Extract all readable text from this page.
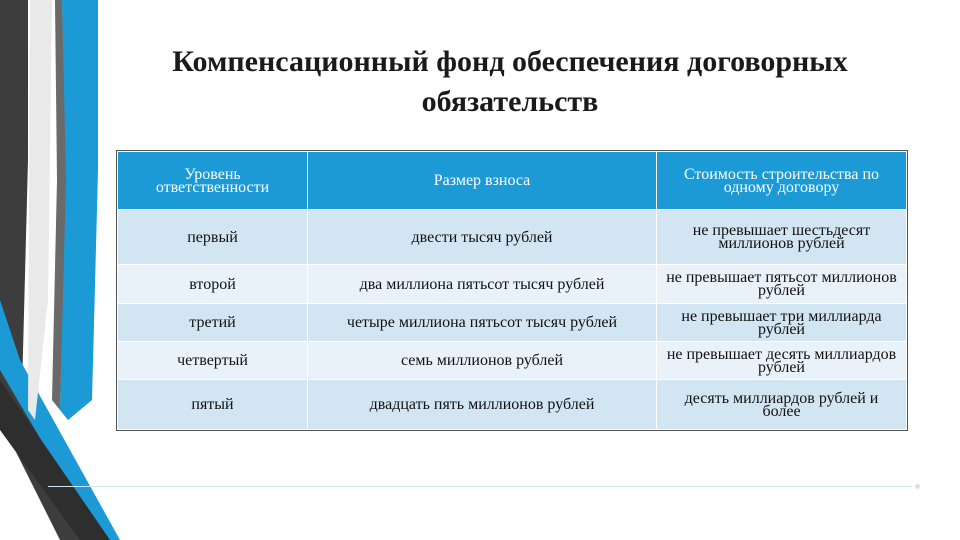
Компенсационный фонд обеспечения договорных
обязательств
Уровень ответственности	Размер взноса	Стоимость строительства по одному договору
первый	двести тысяч рублей	не превышает шестьдесят миллионов рублей
второй	два миллиона пятьсот тысяч рублей	не превышает пятьсот миллионов рублей
третий	четыре миллиона пятьсот тысяч рублей	не превышает три миллиарда рублей
четвертый	семь миллионов рублей	не превышает десять миллиардов рублей
пятый	двадцать пять миллионов рублей	десять миллиардов рублей и более
